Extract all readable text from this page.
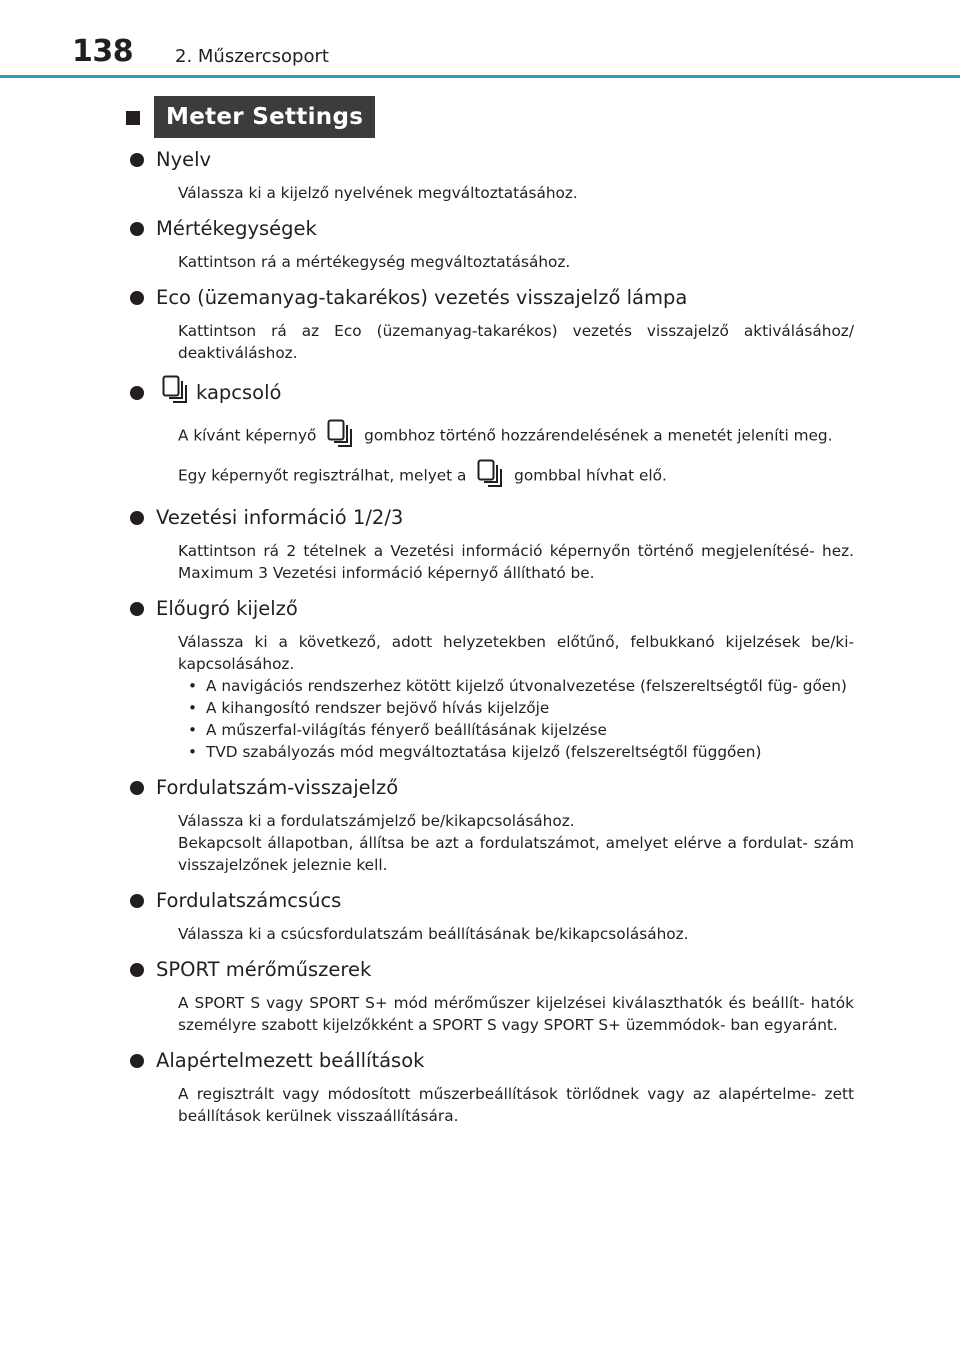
138 2. Műszercsoport
Meter Settings
Nyelv

Válassza ki a kijelző nyelvének megváltoztatásához.

Mértékegységek

Kattintson rá a mértékegység megváltoztatásához.

Eco (üzemanyag-takarékos) vezetés visszajelző lámpa

Kattintson rá az Eco (üzemanyag-takarékos) vezetés visszajelző aktiválásához/ deaktiváláshoz.

kapcsoló

A kívánt képernyő	gombhoz történő hozzárendelésének a menetét jeleníti meg.

Egy képernyőt regisztrálhat, melyet a	gombbal hívhat elő.

Vezetési információ 1/2/3

Kattintson rá 2 tételnek a Vezetési információ képernyőn történő megjelenítésé- hez. Maximum 3 Vezetési információ képernyő állítható be.

Előugró kijelző

Válassza ki a következő, adott helyzetekben előtűnő, felbukkanó kijelzések be/ki- kapcsolásához.

• A navigációs rendszerhez kötött kijelző útvonalvezetése (felszereltségtől füg- gően)
• A kihangosító rendszer bejövő hívás kijelzője
• A műszerfal-világítás fényerő beállításának kijelzése
• TVD szabályozás mód megváltoztatása kijelző (felszereltségtől függően)
Fordulatszám-visszajelző

Válassza ki a fordulatszámjelző be/kikapcsolásához.

Bekapcsolt állapotban, állítsa be azt a fordulatszámot, amelyet elérve a fordulat- szám visszajelzőnek jeleznie kell.

Fordulatszámcsúcs

Válassza ki a csúcsfordulatszám beállításának be/kikapcsolásához.

SPORT mérőműszerek

A SPORT S vagy SPORT S+ mód mérőműszer kijelzései kiválaszthatók és beállít- hatók személyre szabott kijelzőkként a SPORT S vagy SPORT S+ üzemmódok- ban egyaránt.

Alapértelmezett beállítások

A regisztrált vagy módosított műszerbeállítások törlődnek vagy az alapértelme- zett beállítások kerülnek visszaállítására.
